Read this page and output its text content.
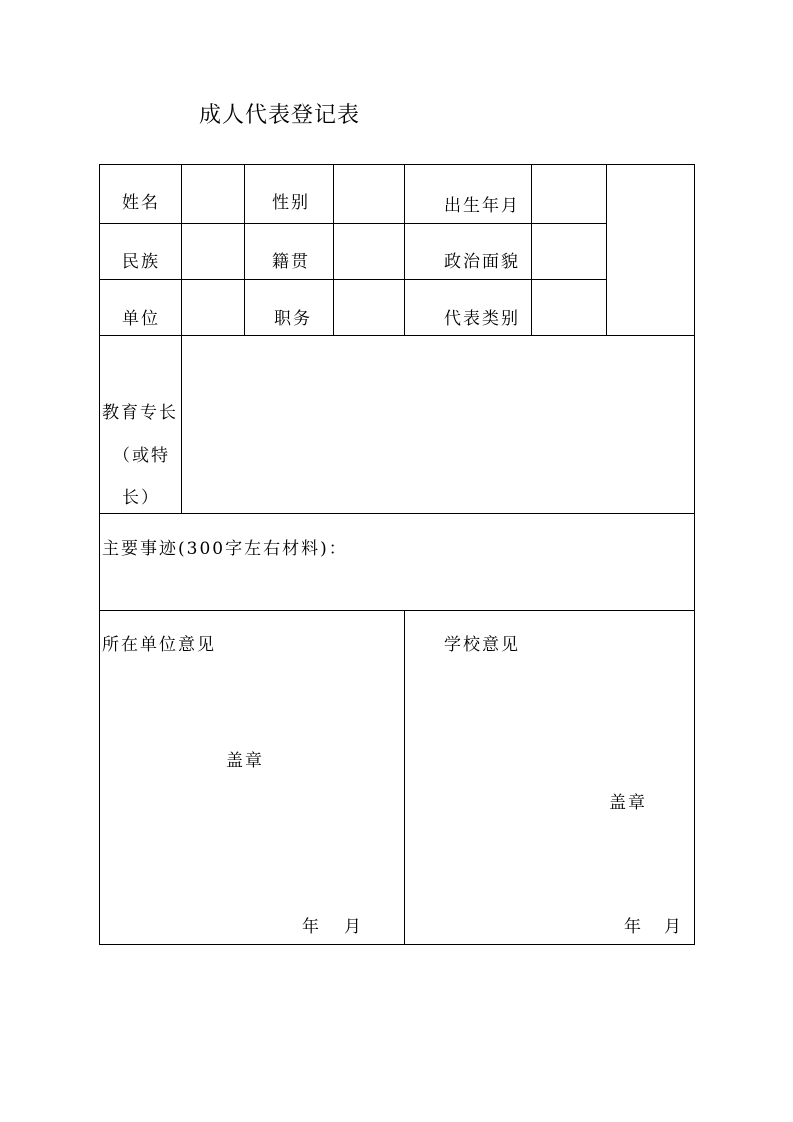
成人代表登记表
姓名	性别	出生年月
民族	籍贯	政治面貌
单位	职务	代表类别
教育专长
（或特
长）
主要事迹(300字左右材料)：
所在单位意见
盖章
年 月
学校意见
盖章
年 月
